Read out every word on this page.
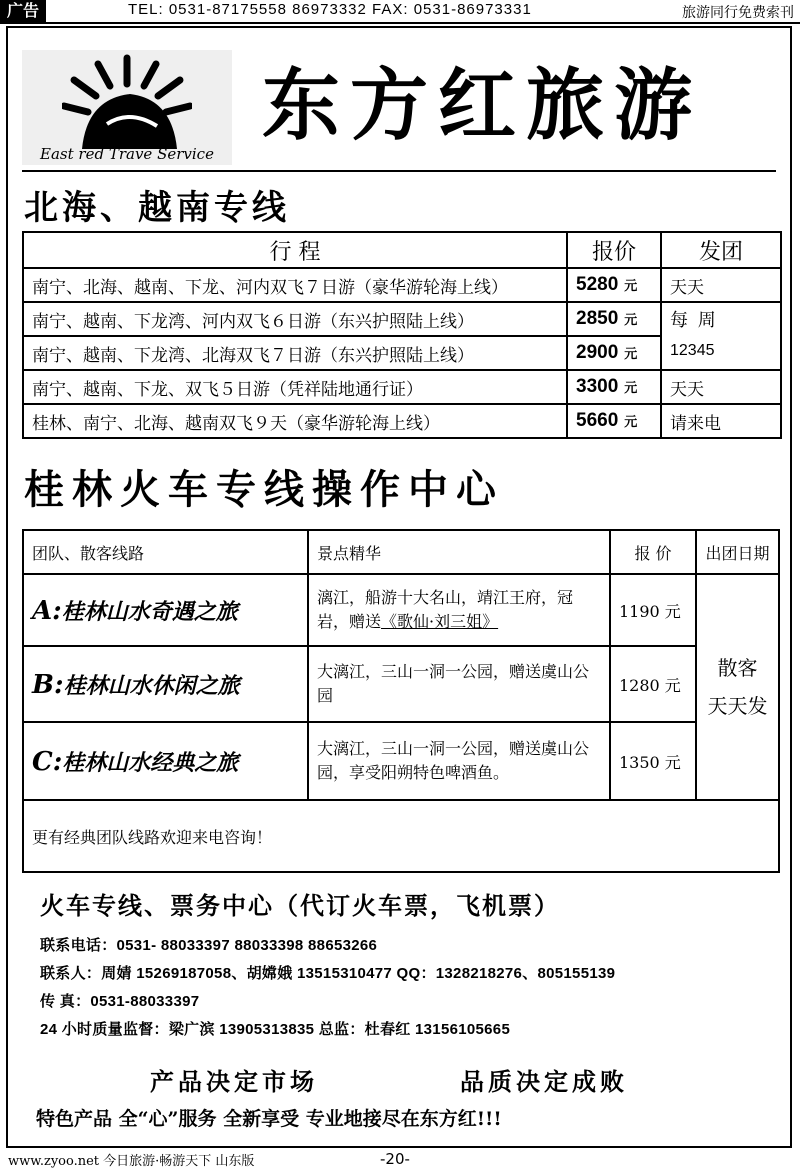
广告	TEL: 0531-87175558 86973332 FAX: 0531-86973331	旅游同行免费索刊
East red Trave Service
东方红旅游
北海、越南专线
行 程	报价	发团
南宁、北海、越南、下龙、河内双飞７日游（豪华游轮海上线）	5280 元	天天
南宁、越南、下龙湾、河内双飞６日游（东兴护照陆上线）	2850 元	每 周
12345

南宁、越南、下龙湾、北海双飞７日游（东兴护照陆上线）	2900 元	
南宁、越南、下龙、双飞５日游（凭祥陆地通行证）	3300 元	天天
桂林、南宁、北海、越南双飞９天（豪华游轮海上线）	5660 元	请来电
桂林火车专线操作中心
团队、散客线路	景点精华	报 价	出团日期
A:桂林山水奇遇之旅	漓江，船游十大名山，靖江王府，冠岩，赠送《歌仙·刘三姐》	1190 元	散客
天天发

B:桂林山水休闲之旅	大漓江，三山一洞一公园，赠送虞山公园	1280 元	
C:桂林山水经典之旅	大漓江，三山一洞一公园，赠送虞山公园，享受阳朔特色啤酒鱼。	1350 元	
更有经典团队线路欢迎来电咨询！			
火车专线、票务中心（代订火车票，飞机票）
联系电话：0531- 88033397 88033398 88653266
联系人：周婧 15269187058、胡嫦娥 13515310477 QQ：1328218276、805155139
传 真：0531-88033397
24 小时质量监督：梁广滨 13905313835 总监：杜春红 13156105665
产品决定市场	品质决定成败
特色产品 全“心”服务 全新享受 专业地接尽在东方红!!!
www.zyoo.net 今日旅游·畅游天下 山东版	-20-
